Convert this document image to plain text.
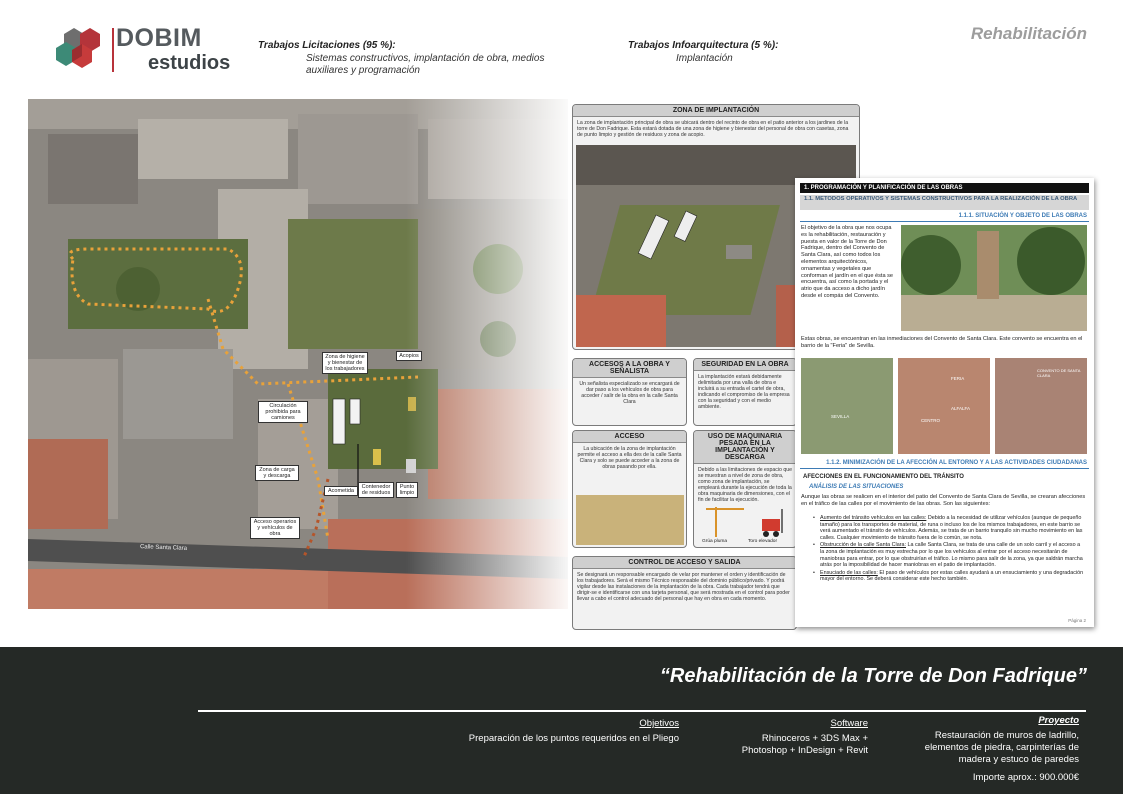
DOBIM
estudios
Trabajos Licitaciones (95 %):
Sistemas constructivos, implantación de obra, medios auxiliares y programación
Trabajos Infoarquitectura (5 %):
Implantación
Rehabilitación
Zona de higiene y bienestar de los trabajadores
Acopios
Circulación prohibida para camiones
Zona de carga y descarga
Acceso operarios y vehículos de obra
Acometida
Contenedor de residuos
Punto limpio
Calle Santa Clara
ZONA DE IMPLANTACIÓN
La zona de implantación principal de obra se ubicará dentro del recinto de obra en el patio anterior a los jardines de la torre de Don Fadrique. Esta estará dotada de una zona de higiene y bienestar del personal de obra con casetas, zona de punto limpio y gestión de residuos y zona de acopio.
ACCESOS A LA OBRA Y SEÑALISTA
Un señalista especializado se encargará de dar paso a los vehículos de obra para acceder / salir de la obra en la calle Santa Clara
SEGURIDAD EN LA OBRA
La implantación estará debidamente delimitada por una valla de obra e incluirá a su entrada el cartel de obra, indicando el compromiso de la empresa con la seguridad y con el medio ambiente.
ACCESO
La ubicación de la zona de implantación permite el acceso a ella des de la calle Santa Clara y solo se puede acceder a la zona de obras pasando por ella.
USO DE MAQUINARIA PESADA EN LA IMPLANTACIÓN Y DESCARGA
Debido a las limitaciones de espacio que se muestran a nivel de zona de obra, como zona de implantación, se empleará durante la ejecución de toda la obra maquinaria de dimensiones, con el fin de facilitar la ejecución.
Grúa pluma	Toro elevador
CONTROL DE ACCESO Y SALIDA
Se designará un responsable encargado de velar por mantener el orden y identificación de los trabajadores. Será el mismo Técnico responsable del dominio público/privado. Y podrá vigilar desde las instalaciones de la implantación de la obra. Cada trabajador tendrá que dirigir-se e identificarse con una tarjeta personal, que será mostrada en el control para poder llevar a cabo el control adecuado del personal que hay en obra en cada momento.
1. PROGRAMACIÓN Y PLANIFICACIÓN DE LAS OBRAS
1.1. METODOS OPERATIVOS Y SISTEMAS CONSTRUCTIVOS PARA LA REALIZACIÓN DE LA OBRA
1.1.1. SITUACIÓN Y OBJETO DE LAS OBRAS
El objetivo de la obra que nos ocupa es la rehabilitación, restauración y puesta en valor de la Torre de Don Fadrique, dentro del Convento de Santa Clara, así como todos los elementos arquitectónicos, ornamentas y vegetales que conforman el jardín en el que ésta se encuentra, así como la portada y el atrio que da acceso a dicho jardín desde el compás del Convento.
Estas obras, se encuentran en las inmediaciones del Convento de Santa Clara. Este convento se encuentra en el barrio de la "Feria" de Sevilla.
SEVILLA
FERIA
ALFALFA
CENTRO
CONVENTO DE SANTA CLARA
1.1.2. MINIMIZACIÓN DE LA AFECCIÓN AL ENTORNO Y A LAS ACTIVIDADES CIUDADANAS
AFECCIONES EN EL FUNCIONAMIENTO DEL TRÁNSITO
ANÁLISIS DE LAS SITUACIONES
Aunque las obras se realicen en el interior del patio del Convento de Santa Clara de Sevilla, se crearan afecciones en el tráfico de las calles por el movimiento de las obras. Son las siguientes:
• Aumento del tránsito vehículos en las calles: Debido a la necesidad de utilizar vehículos (aunque de pequeño tamaño) para los transportes de material, de runa o incluso los de los mismos trabajadores, en este barrio se verá aumentado el tránsito de vehículos. Además, se trata de un barrio tranquilo sin mucho movimiento en las calles. Cualquier movimiento de tránsito fuera de lo común, se nota.
• Obstrucción de la calle Santa Clara: La calle Santa Clara, se trata de una calle de un solo carril y el acceso a la zona de implantación es muy estrecha por lo que los vehículos al entrar por el acceso necesitarán de maniobras para entrar, por lo que obstruirían el tráfico. Lo mismo para salir de la zona, ya que saldrán marcha atrás por la imposibilidad de hacer maniobras en el patio de implantación.
• Ensuciado de las calles: El paso de vehículos por estas calles ayudará a un ensuciamiento y una degradación mayor del entorno. Se deberá considerar este hecho también.
Página 2
“Rehabilitación de la Torre de Don Fadrique”
Objetivos
Preparación de los puntos requeridos en el Pliego
Software
Rhinoceros + 3DS Max +
Photoshop + InDesign + Revit
Proyecto
Restauración de muros de ladrillo,
elementos de piedra, carpinterías de
madera y estuco de paredes
Importe aprox.: 900.000€
